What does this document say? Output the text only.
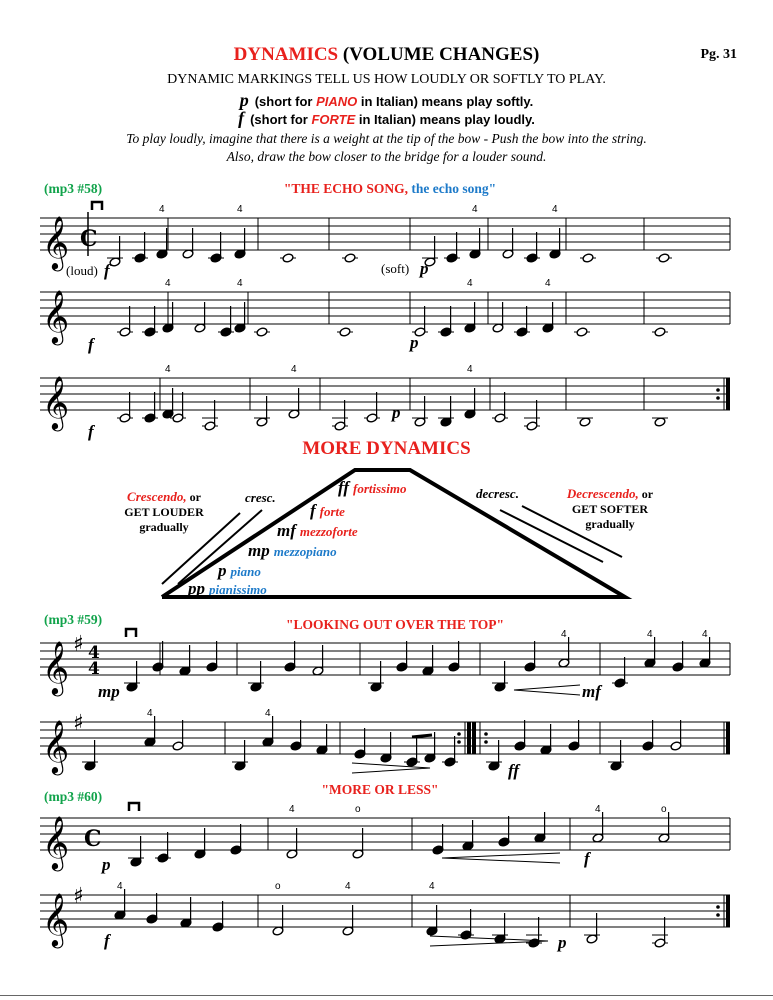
DYNAMICS (VOLUME CHANGES)	Pg. 31
DYNAMIC MARKINGS TELL US HOW LOUDLY OR SOFTLY TO PLAY.
p (short for PIANO in Italian) means play softly.
f (short for FORTE in Italian) means play loudly.
To play loudly, imagine that there is a weight at the tip of the bow - Push the bow into the string.
Also, draw the bow closer to the bridge for a louder sound.
(mp3 #58)	"THE ECHO SONG, the echo song"
(loud)	(soft)
MORE DYNAMICS
Crescendo, or
GET LOUDER
gradually
cresc.	decresc.	Decrescendo, or
GET SOFTER
gradually
ff fortissimo
f forte
mf mezzoforte
mp mezzopiano
p piano
pp pianissimo
(mp3 #59)	"LOOKING OUT OVER THE TOP"
(mp3 #60)	"MORE OR LESS"
𝄞 C
4	4	4	4
f	p
𝄞
4	4	4	4
f	p
𝄞
4	4	4
f
p
𝄞 ♯ 4
4
4	4	4
mp	mf
𝄞 ♯	4	4
ff
𝄞 C
4	o	4	o
p	f
𝄞 ♯	4	o	4	4
f	p
